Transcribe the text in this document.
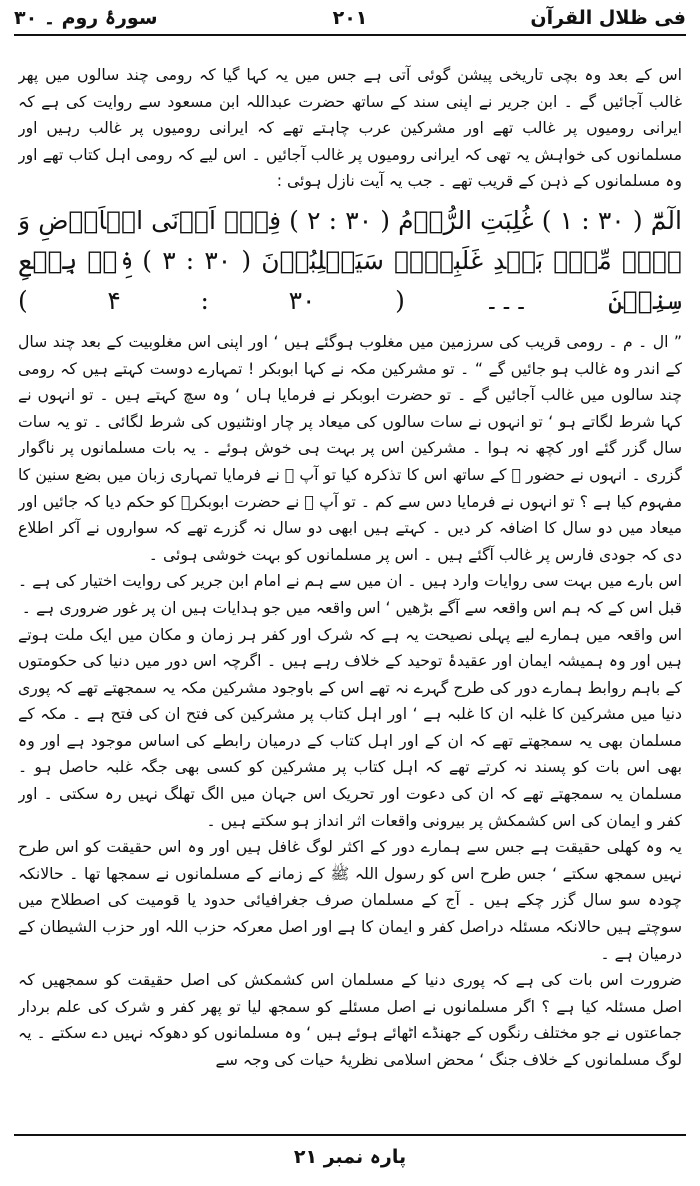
فی ظلال القرآن
۲۰۱
سورۂ روم ۔ ۳۰

اس کے بعد وہ بچی تاریخی پیشن گوئی آتی ہے جس میں یہ کہا گیا کہ رومی چند سالوں میں پھر غالب آجائیں گے ۔ ابن جریر نے اپنی سند کے ساتھ حضرت عبداللہ ابن مسعود سے روایت کی ہے کہ ایرانی رومیوں پر غالب تھے اور مشرکین عرب چاہتے تھے کہ ایرانی رومیوں پر غالب رہیں اور مسلمانوں کی خواہش یہ تھی کہ ایرانی رومیوں پر غالب آجائیں ۔ اس لیے کہ رومی اہل کتاب تھے اور وہ مسلمانوں کے ذہن کے قریب تھے ۔ جب یہ آیت نازل ہوئی :

الٓمّٓ ( ۳۰ : ۱ ) غُلِبَتِ الرُّوۡمُ ( ۳۰ : ۲ ) فِیۡۤ اَدۡنَی الۡاَرۡضِ وَ ہُمۡ مِّنۡۢ بَعۡدِ غَلَبِہِمۡ سَیَغۡلِبُوۡنَ ( ۳۰ : ۳ ) فِیۡ بِضۡعِ سِنِیۡنَ ۔۔۔ ( ۳۰ : ۴ )

” ال ۔ م ۔ رومی قریب کی سرزمین میں مغلوب ہوگئے ہیں ‘ اور اپنی اس مغلوبیت کے بعد چند سال کے اندر وہ غالب ہو جائیں گے “ ۔ تو مشرکین مکہ نے کہا ابوبکر ! تمہارے دوست کہتے ہیں کہ رومی چند سالوں میں غالب آجائیں گے ۔ تو حضرت ابوبکر نے فرمایا ہاں ‘ وہ سچ کہتے ہیں ۔ تو انہوں نے کہا شرط لگاتے ہو ‘ تو انہوں نے سات سالوں کی میعاد پر چار اونٹنیوں کی شرط لگائی ۔ تو یہ سات سال گزر گئے اور کچھ نہ ہوا ۔ مشرکین اس پر بہت ہی خوش ہوئے ۔ یہ بات مسلمانوں پر ناگوار گزری ۔ انہوں نے حضور ﷺ کے ساتھ اس کا تذکرہ کیا تو آپ ﷺ نے فرمایا تمہاری زبان میں بضع سنین کا مفہوم کیا ہے ؟ تو انہوں نے فرمایا دس سے کم ۔ تو آپ ﷺ نے حضرت ابوبکرؓ کو حکم دیا کہ جائیں اور میعاد میں دو سال کا اضافہ کر دیں ۔ کہتے ہیں ابھی دو سال نہ گزرے تھے کہ سواروں نے آکر اطلاع دی کہ جودی فارس پر غالب آگئے ہیں ۔ اس پر مسلمانوں کو بہت خوشی ہوئی ۔

اس بارے میں بہت سی روایات وارد ہیں ۔ ان میں سے ہم نے امام ابن جریر کی روایت اختیار کی ہے ۔ قبل اس کے کہ ہم اس واقعہ سے آگے بڑھیں ‘ اس واقعہ میں جو ہدایات ہیں ان پر غور ضروری ہے ۔

اس واقعہ میں ہمارے لیے پہلی نصیحت یہ ہے کہ شرک اور کفر ہر زمان و مکان میں ایک ملت ہوتے ہیں اور وہ ہمیشہ ایمان اور عقیدۂ توحید کے خلاف رہے ہیں ۔ اگرچہ اس دور میں دنیا کی حکومتوں کے باہم روابط ہمارے دور کی طرح گہرے نہ تھے اس کے باوجود مشرکین مکہ یہ سمجھتے تھے کہ پوری دنیا میں مشرکین کا غلبہ ان کا غلبہ ہے ‘ اور اہل کتاب پر مشرکین کی فتح ان کی فتح ہے ۔ مکہ کے مسلمان بھی یہ سمجھتے تھے کہ ان کے اور اہل کتاب کے درمیان رابطے کی اساس موجود ہے اور وہ بھی اس بات کو پسند نہ کرتے تھے کہ اہل کتاب پر مشرکین کو کسی بھی جگہ غلبہ حاصل ہو ۔ مسلمان یہ سمجھتے تھے کہ ان کی دعوت اور تحریک اس جہان میں الگ تھلگ نہیں رہ سکتی ۔ اور کفر و ایمان کی اس کشمکش پر بیرونی واقعات اثر انداز ہو سکتے ہیں ۔

یہ وہ کھلی حقیقت ہے جس سے ہمارے دور کے اکثر لوگ غافل ہیں اور وہ اس حقیقت کو اس طرح نہیں سمجھ سکتے ‘ جس طرح اس کو رسول اللہ ﷺ کے زمانے کے مسلمانوں نے سمجھا تھا ۔ حالانکہ چودہ سو سال گزر چکے ہیں ۔ آج کے مسلمان صرف جغرافیائی حدود یا قومیت کی اصطلاح میں سوچتے ہیں حالانکہ مسئلہ دراصل کفر و ایمان کا ہے اور اصل معرکہ حزب اللہ اور حزب الشیطان کے درمیان ہے ۔

ضرورت اس بات کی ہے کہ پوری دنیا کے مسلمان اس کشمکش کی اصل حقیقت کو سمجھیں کہ اصل مسئلہ کیا ہے ؟ اگر مسلمانوں نے اصل مسئلے کو سمجھ لیا تو پھر کفر و شرک کی علم بردار جماعتوں نے جو مختلف رنگوں کے جھنڈے اٹھائے ہوئے ہیں ‘ وہ مسلمانوں کو دھوکہ نہیں دے سکتے ۔ یہ لوگ مسلمانوں کے خلاف جنگ ‘ محض اسلامی نظریۂ حیات کی وجہ سے

پارہ نمبر ۲۱
